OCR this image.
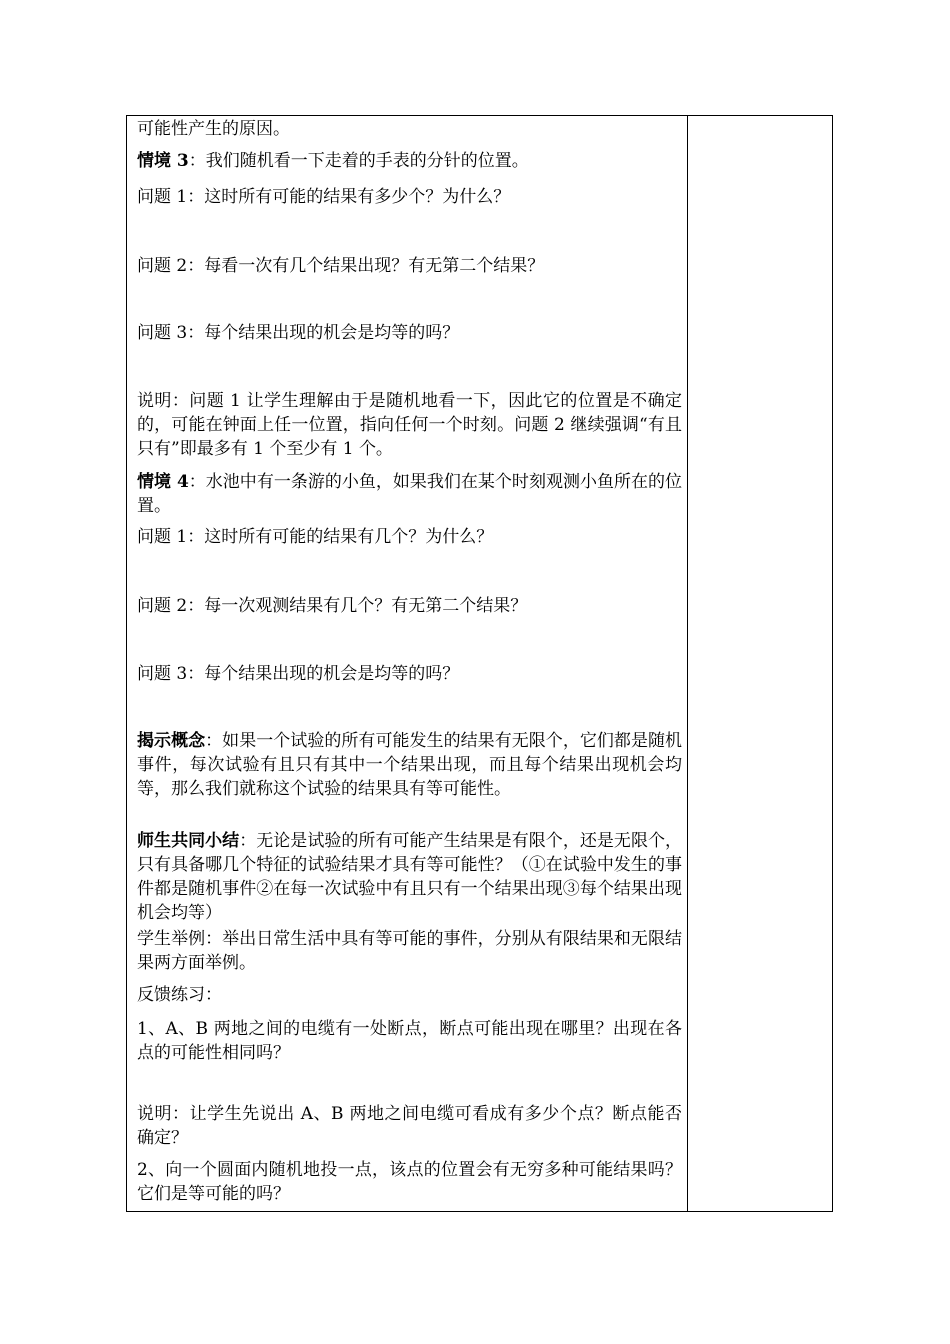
可能性产生的原因。

情境 3：我们随机看一下走着的手表的分针的位置。

问题 1：这时所有可能的结果有多少个？为什么？

问题 2：每看一次有几个结果出现？有无第二个结果？

问题 3：每个结果出现的机会是均等的吗？

说明：问题 1 让学生理解由于是随机地看一下，因此它的位置是不确定的，可能在钟面上任一位置，指向任何一个时刻。问题 2 继续强调“有且只有”即最多有 1 个至少有 1 个。

情境 4：水池中有一条游的小鱼，如果我们在某个时刻观测小鱼所在的位置。

问题 1：这时所有可能的结果有几个？为什么？

问题 2：每一次观测结果有几个？有无第二个结果？

问题 3：每个结果出现的机会是均等的吗？

揭示概念：如果一个试验的所有可能发生的结果有无限个，它们都是随机事件，每次试验有且只有其中一个结果出现，而且每个结果出现机会均等，那么我们就称这个试验的结果具有等可能性。

师生共同小结：无论是试验的所有可能产生结果是有限个，还是无限个，只有具备哪几个特征的试验结果才具有等可能性？（①在试验中发生的事件都是随机事件②在每一次试验中有且只有一个结果出现③每个结果出现机会均等）

学生举例：举出日常生活中具有等可能的事件，分别从有限结果和无限结果两方面举例。

反馈练习：

1、A、B 两地之间的电缆有一处断点，断点可能出现在哪里？出现在各点的可能性相同吗？

说明：让学生先说出 A、B 两地之间电缆可看成有多少个点？断点能否确定？

2、向一个圆面内随机地投一点，该点的位置会有无穷多种可能结果吗？它们是等可能的吗？
